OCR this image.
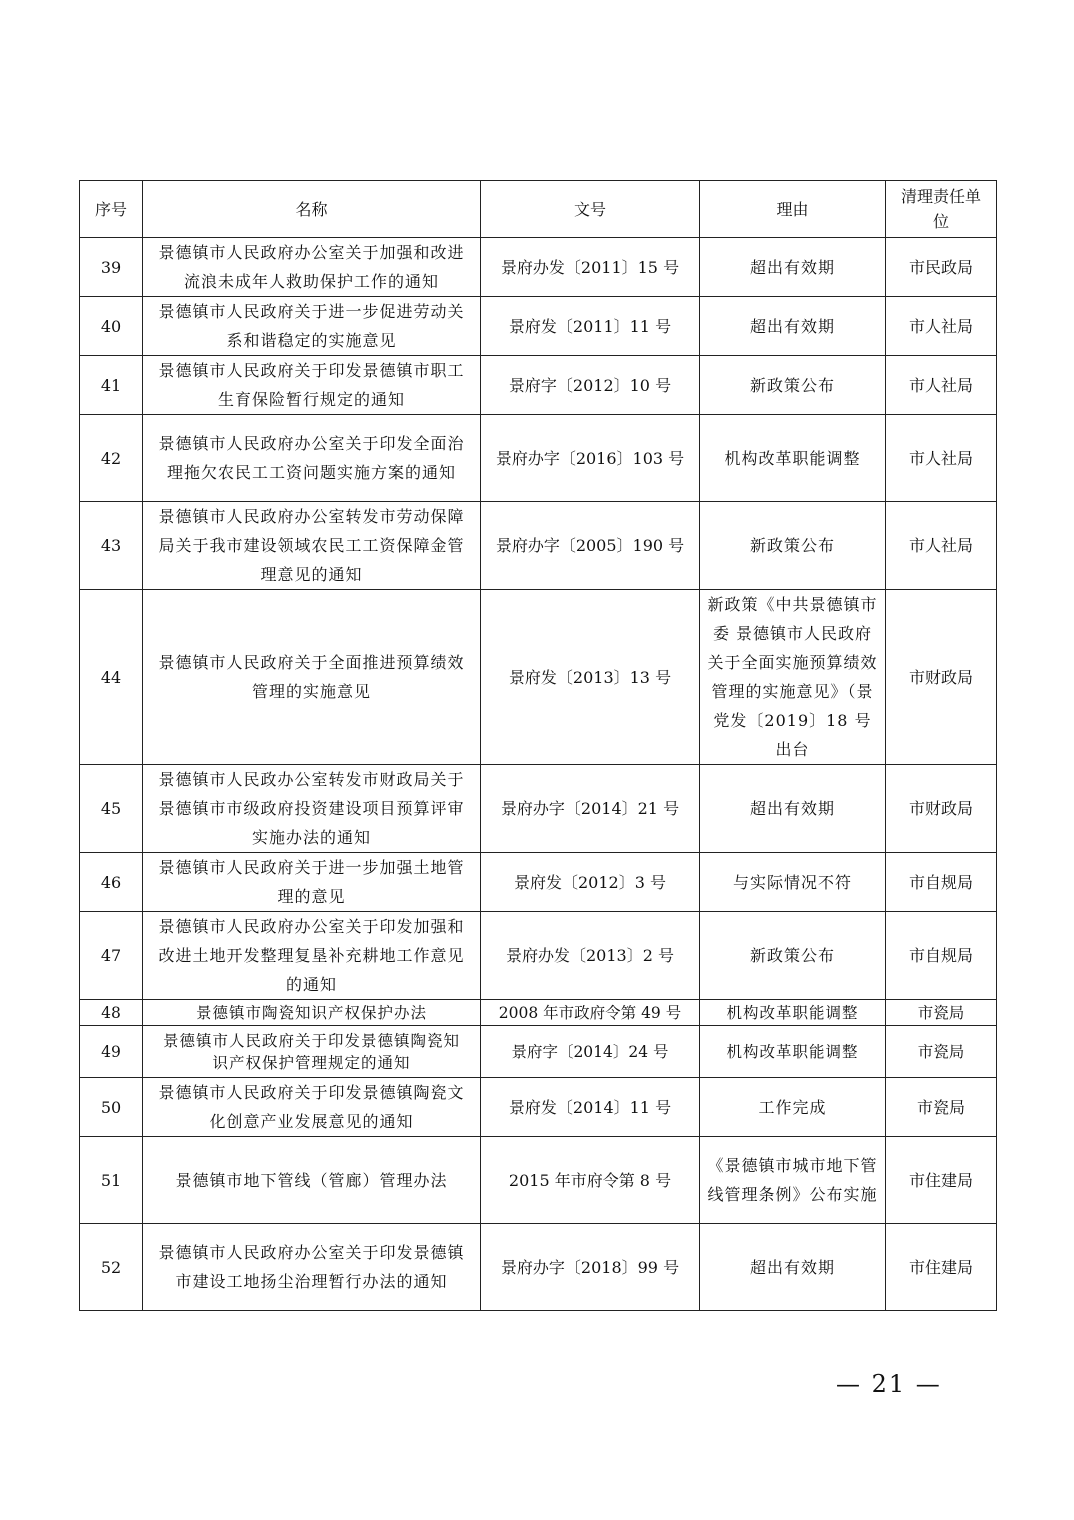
序号	名称	文号	理由	清理责任单位
39	景德镇市人民政府办公室关于加强和改进流浪未成年人救助保护工作的通知	景府办发〔2011〕15 号	超出有效期	市民政局
40	景德镇市人民政府关于进一步促进劳动关系和谐稳定的实施意见	景府发〔2011〕11 号	超出有效期	市人社局
41	景德镇市人民政府关于印发景德镇市职工生育保险暂行规定的通知	景府字〔2012〕10 号	新政策公布	市人社局
42	景德镇市人民政府办公室关于印发全面治理拖欠农民工工资问题实施方案的通知	景府办字〔2016〕103 号	机构改革职能调整	市人社局
43	景德镇市人民政府办公室转发市劳动保障局关于我市建设领域农民工工资保障金管理意见的通知	景府办字〔2005〕190 号	新政策公布	市人社局
44	景德镇市人民政府关于全面推进预算绩效管理的实施意见	景府发〔2013〕13 号	新政策《中共景德镇市委 景德镇市人民政府关于全面实施预算绩效管理的实施意见》（景党发〔2019〕18 号出台	市财政局
45	景德镇市人民政办公室转发市财政局关于景德镇市市级政府投资建设项目预算评审实施办法的通知	景府办字〔2014〕21 号	超出有效期	市财政局
46	景德镇市人民政府关于进一步加强土地管理的意见	景府发〔2012〕3 号	与实际情况不符	市自规局
47	景德镇市人民政府办公室关于印发加强和改进土地开发整理复垦补充耕地工作意见的通知	景府办发〔2013〕2 号	新政策公布	市自规局
48	景德镇市陶瓷知识产权保护办法	2008 年市政府令第 49 号	机构改革职能调整	市瓷局
49	景德镇市人民政府关于印发景德镇陶瓷知识产权保护管理规定的通知	景府字〔2014〕24 号	机构改革职能调整	市瓷局
50	景德镇市人民政府关于印发景德镇陶瓷文化创意产业发展意见的通知	景府发〔2014〕11 号	工作完成	市瓷局
51	景德镇市地下管线（管廊）管理办法	2015 年市府令第 8 号	《景德镇市城市地下管线管理条例》公布实施	市住建局
52	景德镇市人民政府办公室关于印发景德镇市建设工地扬尘治理暂行办法的通知	景府办字〔2018〕99 号	超出有效期	市住建局
— 21 —
